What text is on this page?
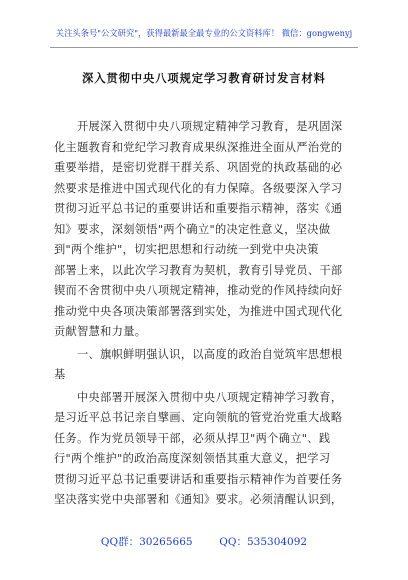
关注头条号"公文研究"，获得最新最全最专业的公文资料库！ 微信：gongwenyj
深入贯彻中央八项规定学习教育研讨发言材料
开展深入贯彻中央八项规定精神学习教育，是巩固深
化主题教育和党纪学习教育成果纵深推进全面从严治党的
重要举措，是密切党群干群关系、巩固党的执政基础的必
然要求是推进中国式现代化的有力保障。各级要深入学习
贯彻习近平总书记的重要讲话和重要指示精神，落实《通
知》要求，深刻领悟"两个确立"的决定性意义，坚决做
到"两个维护"，切实把思想和行动统一到党中央决策
部署上来，以此次学习教育为契机，教育引导党员、干部
锲而不舍贯彻中央八项规定精神，推动党的作风持续向好
推动党中央各项决策部署落到实处，为推进中国式现代化
贡献智慧和力量。
一、旗帜鲜明强认识，以高度的政治自觉筑牢思想根
基
中央部署开展深入贯彻中央八项规定精神学习教育，
是习近平总书记亲自擘画、定向领航的管党治党重大战略
任务。作为党员领导干部，必须从捍卫"两个确立"、践
行"两个维护"的政治高度深刻领悟其重大意义，把学习
贯彻习近平总书记重要讲话和重要指示精神作为首要任务
坚决落实党中央部署和《通知》要求。必须清醒认识到，
QQ群：30265665	QQ：535304092
